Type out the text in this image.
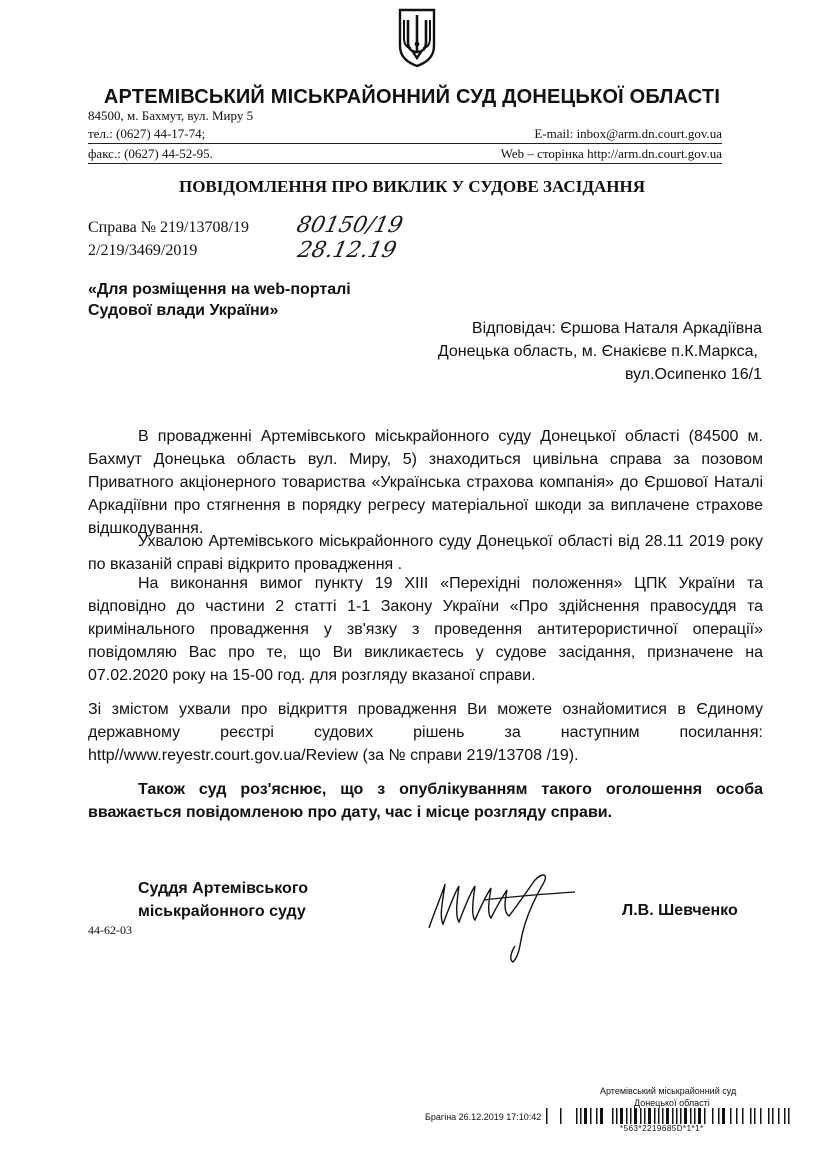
АРТЕМІВСЬКИЙ МІСЬКРАЙОННИЙ СУД ДОНЕЦЬКОЇ ОБЛАСТІ
84500, м. Бахмут, вул. Миру 5
тел.: (0627) 44-17-74;	E-mail: inbox@arm.dn.court.gov.ua
факс.: (0627) 44-52-95.	Web – сторінка http://arm.dn.court.gov.ua
ПОВІДОМЛЕННЯ ПРО ВИКЛИК У СУДОВЕ ЗАСІДАННЯ
Справа № 219/13708/19
2/219/3469/2019
80150/19
28.12.19
«Для розміщення на web-порталі
Судової влади України»
Відповідач: Єршова Наталя Аркадіївна
Донецька область, м. Єнакієве п.К.Маркса,
вул.Осипенко 16/1
В провадженні Артемівського міськрайонного суду Донецької області (84500 м. Бахмут Донецька область вул. Миру, 5) знаходиться цивільна справа за позовом Приватного акціонерного товариства «Українська страхова компанія» до Єршової Наталі Аркадіївни про стягнення в порядку регресу матеріальної шкоди за виплачене страхове відшкодування.
Ухвалою Артемівського міськрайонного суду Донецької області від 28.11 2019 року по вказаній справі відкрито провадження .
На виконання вимог пункту 19 XIII «Перехідні положення» ЦПК України та відповідно до частини 2 статті 1-1 Закону України «Про здійснення правосуддя та кримінального провадження у зв'язку з проведення антитерористичної операції» повідомляю Вас про те, що Ви викликаєтесь у судове засідання, призначене на 07.02.2020 року на 15-00 год. для розгляду вказаної справи.
Зі змістом ухвали про відкриття провадження Ви можете ознайомитися в Єдиному державному реєстрі судових рішень за наступним посилання: http//www.reyestr.court.gov.ua/Review (за № справи 219/13708 /19).
Також суд роз'яснює, що з опублікуванням такого оголошення особа вважається повідомленою про дату, час і місце розгляду справи.
Суддя Артемівського
міськрайонного суду
44-62-03
Л.В. Шевченко
Артемівський міськрайонний суд
Донецької області
Брагіна 26.12.2019 17:10:42
*563*2219685D*1*1*
